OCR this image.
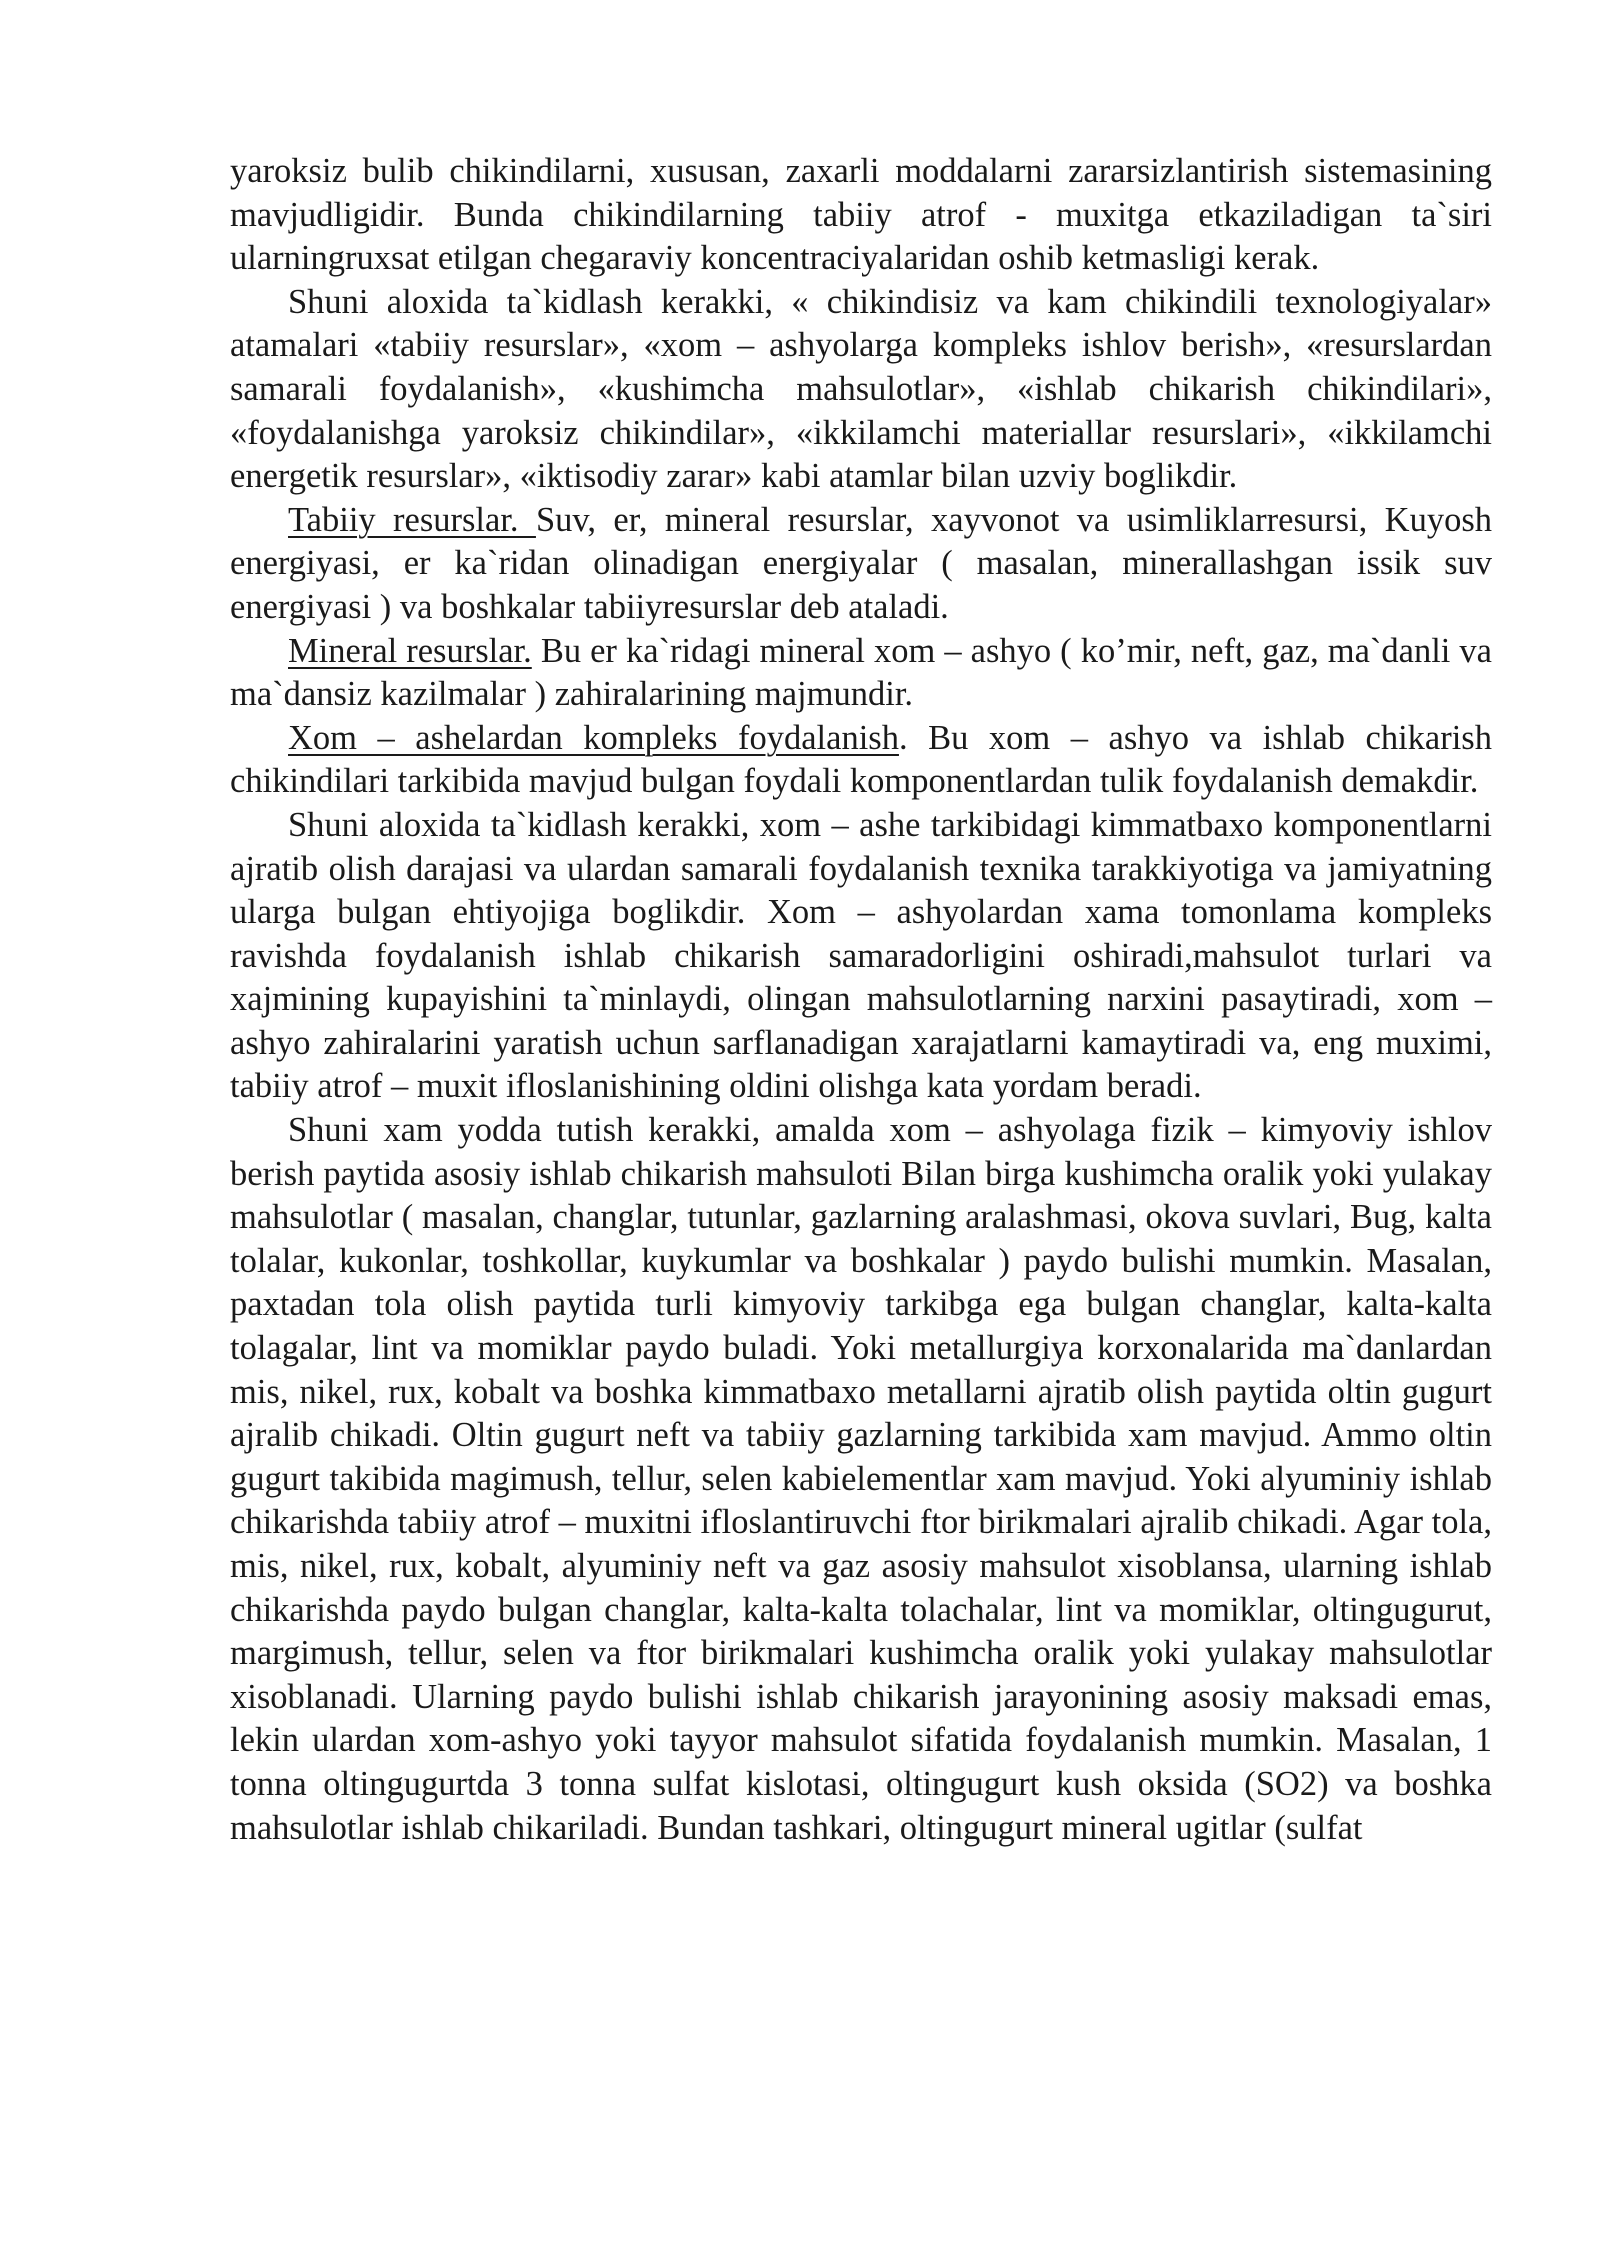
yaroksiz bulib chikindilarni, xususan, zaxarli moddalarni zararsizlantirish sistemasining mavjudligidir. Bunda chikindilarning tabiiy atrof - muxitga etkaziladigan ta`siri ularningruxsat etilgan chegaraviy koncentraciyalaridan oshib ketmasligi kerak.

Shuni aloxida ta`kidlash kerakki, « chikindisiz va kam chikindili texnologiyalar» atamalari «tabiiy resurslar», «xom – ashyolarga kompleks ishlov berish», «resurslardan samarali foydalanish», «kushimcha mahsulotlar», «ishlab chikarish chikindilari», «foydalanishga yaroksiz chikindilar», «ikkilamchi materiallar resurslari», «ikkilamchi energetik resurslar», «iktisodiy zarar» kabi atamlar bilan uzviy boglikdir.

Tabiiy resurslar. Suv, er, mineral resurslar, xayvonot va usimliklarresursi, Kuyosh energiyasi, er ka`ridan olinadigan energiyalar ( masalan, minerallashgan issik suv energiyasi ) va boshkalar tabiiyresurslar deb ataladi.

Mineral resurslar. Bu er ka`ridagi mineral xom – ashyo ( ko’mir, neft, gaz, ma`danli va ma`dansiz kazilmalar ) zahiralarining majmundir.

Xom – ashelardan kompleks foydalanish. Bu xom – ashyo va ishlab chikarish chikindilari tarkibida mavjud bulgan foydali komponentlardan tulik foydalanish demakdir.

Shuni aloxida ta`kidlash kerakki, xom – ashe tarkibidagi kimmatbaxo komponentlarni ajratib olish darajasi va ulardan samarali foydalanish texnika tarakkiyotiga va jamiyatning ularga bulgan ehtiyojiga boglikdir. Xom – ashyolardan xama tomonlama kompleks ravishda foydalanish ishlab chikarish samaradorligini oshiradi,mahsulot turlari va xajmining kupayishini ta`minlaydi, olingan mahsulotlarning narxini pasaytiradi, xom – ashyo zahiralarini yaratish uchun sarflanadigan xarajatlarni kamaytiradi va, eng muximi, tabiiy atrof – muxit ifloslanishining oldini olishga kata yordam beradi.

Shuni xam yodda tutish kerakki, amalda xom – ashyolaga fizik – kimyoviy ishlov berish paytida asosiy ishlab chikarish mahsuloti Bilan birga kushimcha oralik yoki yulakay mahsulotlar ( masalan, changlar, tutunlar, gazlarning aralashmasi, okova suvlari, Bug, kalta tolalar, kukonlar, toshkollar, kuykumlar va boshkalar ) paydo bulishi mumkin. Masalan, paxtadan tola olish paytida turli kimyoviy tarkibga ega bulgan changlar, kalta-kalta tolagalar, lint va momiklar paydo buladi. Yoki metallurgiya korxonalarida ma`danlardan mis, nikel, rux, kobalt va boshka kimmatbaxo metallarni ajratib olish paytida oltin gugurt ajralib chikadi. Oltin gugurt neft va tabiiy gazlarning tarkibida xam mavjud. Ammo oltin gugurt takibida magimush, tellur, selen kabielementlar xam mavjud. Yoki alyuminiy ishlab chikarishda tabiiy atrof – muxitni ifloslantiruvchi ftor birikmalari ajralib chikadi. Agar tola, mis, nikel, rux, kobalt, alyuminiy neft va gaz asosiy mahsulot xisoblansa, ularning ishlab chikarishda paydo bulgan changlar, kalta-kalta tolachalar, lint va momiklar, oltingugurut, margimush, tellur, selen va ftor birikmalari kushimcha oralik yoki yulakay mahsulotlar xisoblanadi. Ularning paydo bulishi ishlab chikarish jarayonining asosiy maksadi emas, lekin ulardan xom-ashyo yoki tayyor mahsulot sifatida foydalanish mumkin. Masalan, 1 tonna oltingugurtda 3 tonna sulfat kislotasi, oltingugurt kush oksida (SO2) va boshka mahsulotlar ishlab chikariladi. Bundan tashkari, oltingugurt mineral ugitlar (sulfat
